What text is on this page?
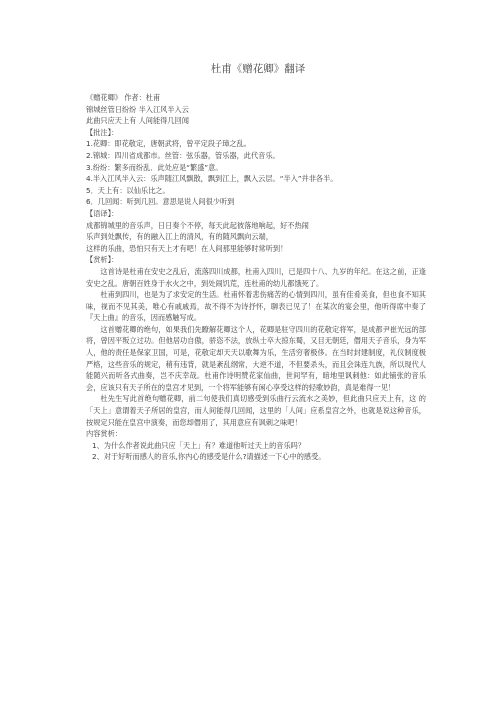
杜甫《赠花卿》翻译

《赠花卿》 作者：杜甫

锦城丝管日纷纷 半入江风半入云

此曲只应天上有 人间能得几回闻

【批注】：

1.花卿：即花敬定，唐朝武将，曾平定段子璋之乱。

2.锦城：四川省成都市。丝管：弦乐器，管乐器，此代音乐。

3.纷纷：繁多而纷乱．此处应是“繁盛”意。

4.半入江风半入云：乐声随江风飘散，飘到江上，飘入云层。“半入”并非各半。

5．天上有：以仙乐比之。

6．几回闻：听到几回。意思是说人间很少听到

【语译】：

成都锦城里的音乐声，日日奏个不停，每天此起彼落地响起，好不热闹

乐声到处飘传，有的融入江上的清风，有的随风飘向云端，

这样的乐曲，恐怕只有天上才有吧！在人间那里能够时常听到！

【赏析】：

这首诗是杜甫在安史之乱后，流落四川成都，杜甫入四川，已是四十八、九岁的年纪。在这之前，正逢安史之乱。唐朝百姓身于水火之中，到处闹饥荒，连杜甫的幼儿都饿死了。

杜甫到四川，也是为了求安定的生活。杜甫怀着悲伤痛苦的心情到四川，虽有佳肴美食，但也食不知其味，视而不见其美，唯心有戚戚焉，故不得不为诗抒怀，聊表已见了！在某次的宴会里，他听得席中奏了『天上曲』的音乐，因而感触写成。

这首赠花卿的绝句，如果我们先瞭解花卿这个人，花卿是驻守四川的花敬定将军，是成都尹崔光远的部将，曾因平叛立过功。但他居功自傲，骄恣不法，放纵士卒大掠东蜀，又目无朝廷，僭用天子音乐，身为军人，他的责任是保家卫国，可是，花敬定却天天以歌舞为乐，生活穷奢极侈。在当时封建制度，礼仪制度极严格，这些音乐的规定，稍有违背，就是紊乱纲常，大逆不道，不但要杀头，而且会诛连九族，所以现代人能随兴而听各式曲奏，岂不庆幸哉。杜甫作诗明赞花家仙曲，世间罕有，暗地里讽刺他：如此铺张的音乐会，应该只有天子所在的皇宫才见到，一个将军能够有闲心享受这样的轻歌妙韵，真是难得一见！

杜先生写此首绝句赠花卿，前二句使我们真切感受到乐曲行云流水之美妙，但此曲只应天上有，这 的「天上」意谓着天子所居的皇宫，而人间能得几回闻，这里的「人间」应系皇宫之外，也就是说这种音乐，按规定只能在皇宫中演奏，而您却僭用了，其用意应有讽刺之味吧！

内容赏析：

1、为什么作者说此曲只应「天上」有？难道他听过天上的音乐吗？

2、对于好听而感人的音乐,你内心的感受是什么?请描述一下心中的感受。
